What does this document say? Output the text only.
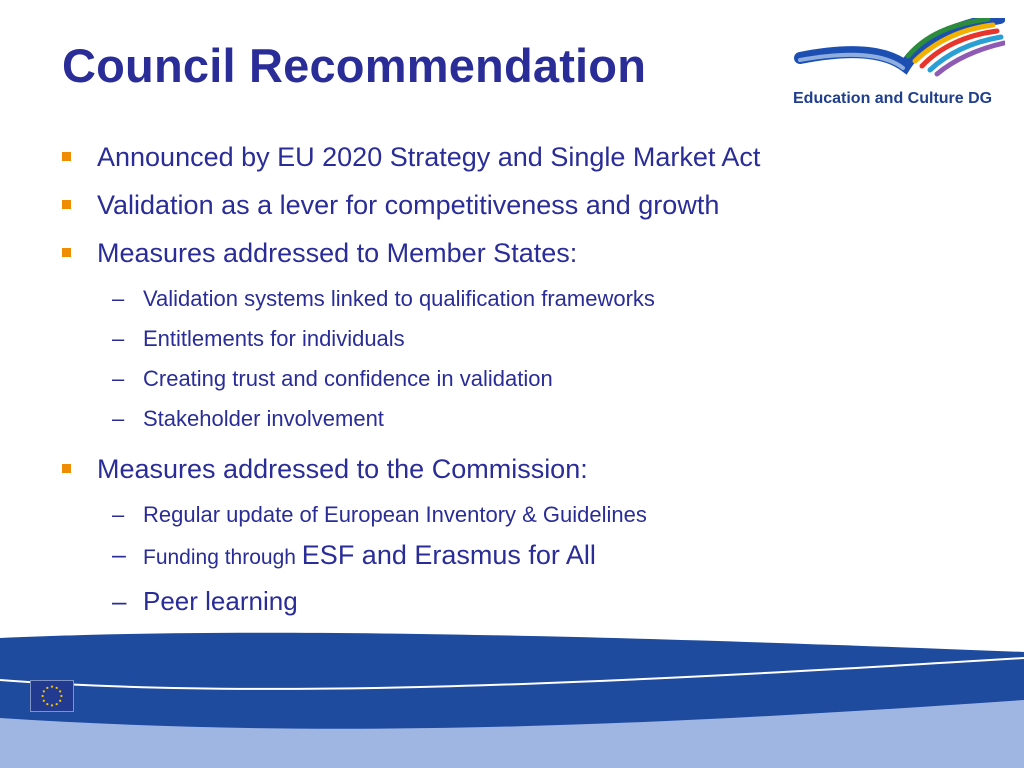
Council Recommendation
Education and Culture DG
Announced by EU 2020 Strategy and Single Market Act
Validation as a lever for competitiveness and growth
Measures addressed to Member States:
– Validation systems linked to qualification frameworks
– Entitlements for individuals
– Creating trust and confidence in validation
– Stakeholder involvement
Measures addressed to the Commission:
– Regular update of European Inventory & Guidelines
– Funding through ESF and Erasmus for All
– Peer learning
